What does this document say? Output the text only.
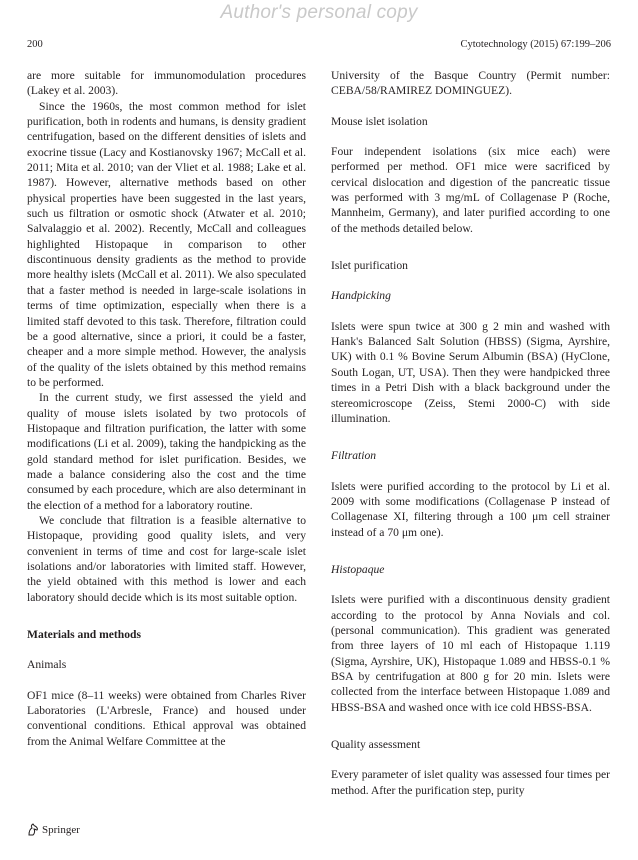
Author's personal copy
200	Cytotechnology (2015) 67:199–206

are more suitable for immunomodulation procedures (Lakey et al. 2003).

Since the 1960s, the most common method for islet purification, both in rodents and humans, is density gradient centrifugation, based on the different densities of islets and exocrine tissue (Lacy and Kostianovsky 1967; McCall et al. 2011; Mita et al. 2010; van der Vliet et al. 1988; Lake et al. 1987). However, alternative methods based on other physical properties have been suggested in the last years, such us filtration or osmotic shock (Atwater et al. 2010; Salvalaggio et al. 2002). Recently, McCall and colleagues highlighted Histopaque in comparison to other discontinuous density gradients as the method to provide more healthy islets (McCall et al. 2011). We also speculated that a faster method is needed in large-scale isolations in terms of time optimization, especially when there is a limited staff devoted to this task. Therefore, filtration could be a good alternative, since a priori, it could be a faster, cheaper and a more simple method. However, the analysis of the quality of the islets obtained by this method remains to be performed.

In the current study, we first assessed the yield and quality of mouse islets isolated by two protocols of Histopaque and filtration purification, the latter with some modifications (Li et al. 2009), taking the handpicking as the gold standard method for islet purification. Besides, we made a balance considering also the cost and the time consumed by each procedure, which are also determinant in the election of a method for a laboratory routine.

We conclude that filtration is a feasible alternative to Histopaque, providing good quality islets, and very convenient in terms of time and cost for large-scale islet isolations and/or laboratories with limited staff. However, the yield obtained with this method is lower and each laboratory should decide which is its most suitable option.

Materials and methods

Animals

OF1 mice (8–11 weeks) were obtained from Charles River Laboratories (L'Arbresle, France) and housed under conventional conditions. Ethical approval was obtained from the Animal Welfare Committee at the

University of the Basque Country (Permit number: CEBA/58/RAMIREZ DOMINGUEZ).

Mouse islet isolation

Four independent isolations (six mice each) were performed per method. OF1 mice were sacrificed by cervical dislocation and digestion of the pancreatic tissue was performed with 3 mg/mL of Collagenase P (Roche, Mannheim, Germany), and later purified according to one of the methods detailed below.

Islet purification

Handpicking

Islets were spun twice at 300 g 2 min and washed with Hank's Balanced Salt Solution (HBSS) (Sigma, Ayrshire, UK) with 0.1 % Bovine Serum Albumin (BSA) (HyClone, South Logan, UT, USA). Then they were handpicked three times in a Petri Dish with a black background under the stereomicroscope (Zeiss, Stemi 2000-C) with side illumination.

Filtration

Islets were purified according to the protocol by Li et al. 2009 with some modifications (Collagenase P instead of Collagenase XI, filtering through a 100 μm cell strainer instead of a 70 μm one).

Histopaque

Islets were purified with a discontinuous density gradient according to the protocol by Anna Novials and col. (personal communication). This gradient was generated from three layers of 10 ml each of Histopaque 1.119 (Sigma, Ayrshire, UK), Histopaque 1.089 and HBSS-0.1 % BSA by centrifugation at 800 g for 20 min. Islets were collected from the interface between Histopaque 1.089 and HBSS-BSA and washed once with ice cold HBSS-BSA.

Quality assessment

Every parameter of islet quality was assessed four times per method. After the purification step, purity

Springer
